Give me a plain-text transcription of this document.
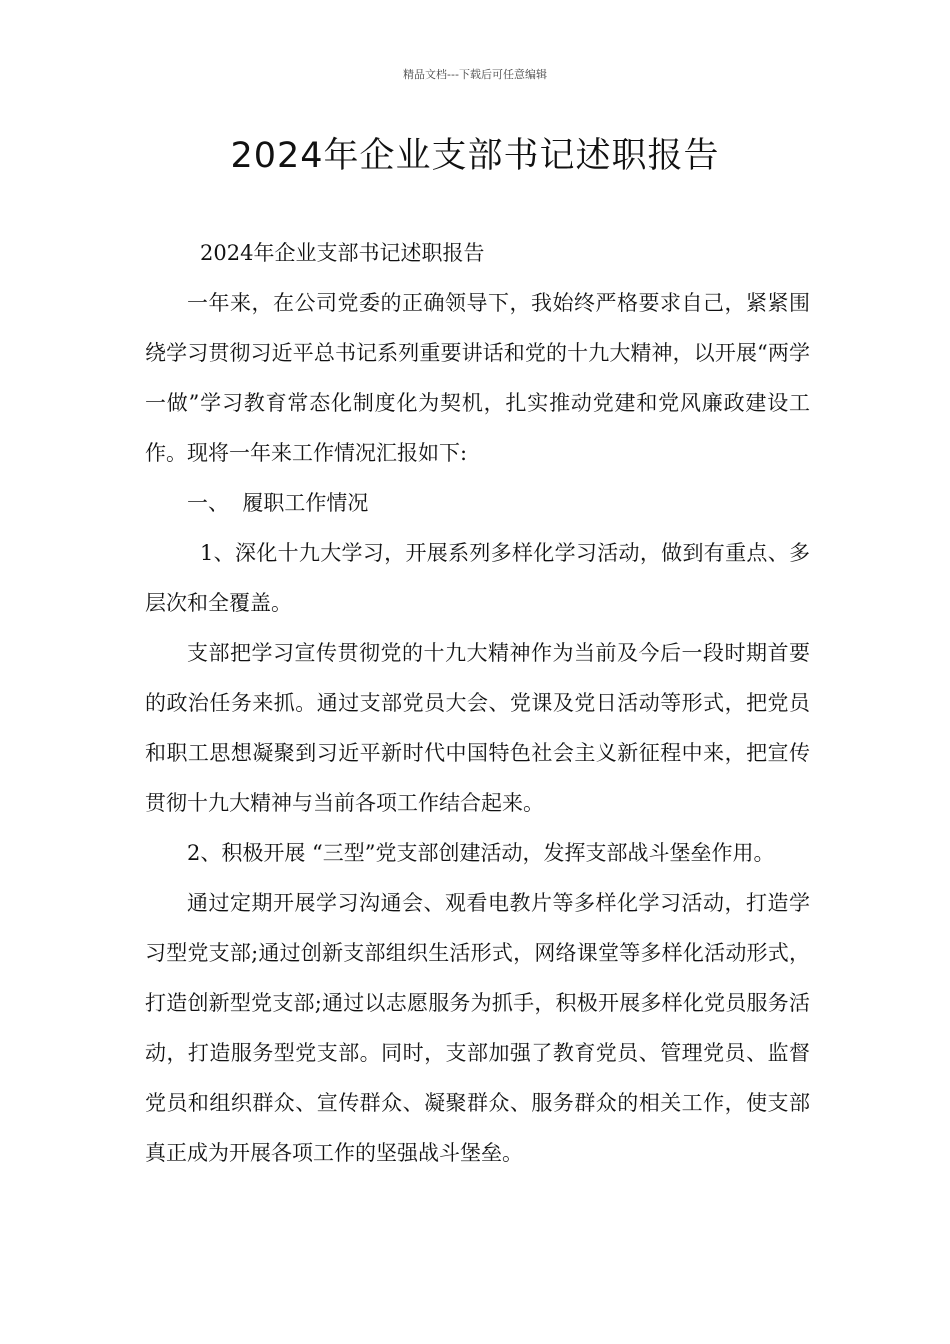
精品文档---下载后可任意编辑
2024年企业支部书记述职报告

2024年企业支部书记述职报告

一年来，在公司党委的正确领导下，我始终严格要求自己，紧紧围绕学习贯彻习近平总书记系列重要讲话和党的十九大精神，以开展“两学一做”学习教育常态化制度化为契机，扎实推动党建和党风廉政建设工作。现将一年来工作情况汇报如下:

一、  履职工作情况

1、深化十九大学习，开展系列多样化学习活动，做到有重点、多层次和全覆盖。

支部把学习宣传贯彻党的十九大精神作为当前及今后一段时期首要的政治任务来抓。通过支部党员大会、党课及党日活动等形式，把党员和职工思想凝聚到习近平新时代中国特色社会主义新征程中来，把宣传贯彻十九大精神与当前各项工作结合起来。

2、积极开展 “三型”党支部创建活动，发挥支部战斗堡垒作用。

通过定期开展学习沟通会、观看电教片等多样化学习活动，打造学习型党支部;通过创新支部组织生活形式，网络课堂等多样化活动形式，打造创新型党支部;通过以志愿服务为抓手，积极开展多样化党员服务活动，打造服务型党支部。同时，支部加强了教育党员、管理党员、监督党员和组织群众、宣传群众、凝聚群众、服务群众的相关工作，使支部真正成为开展各项工作的坚强战斗堡垒。
